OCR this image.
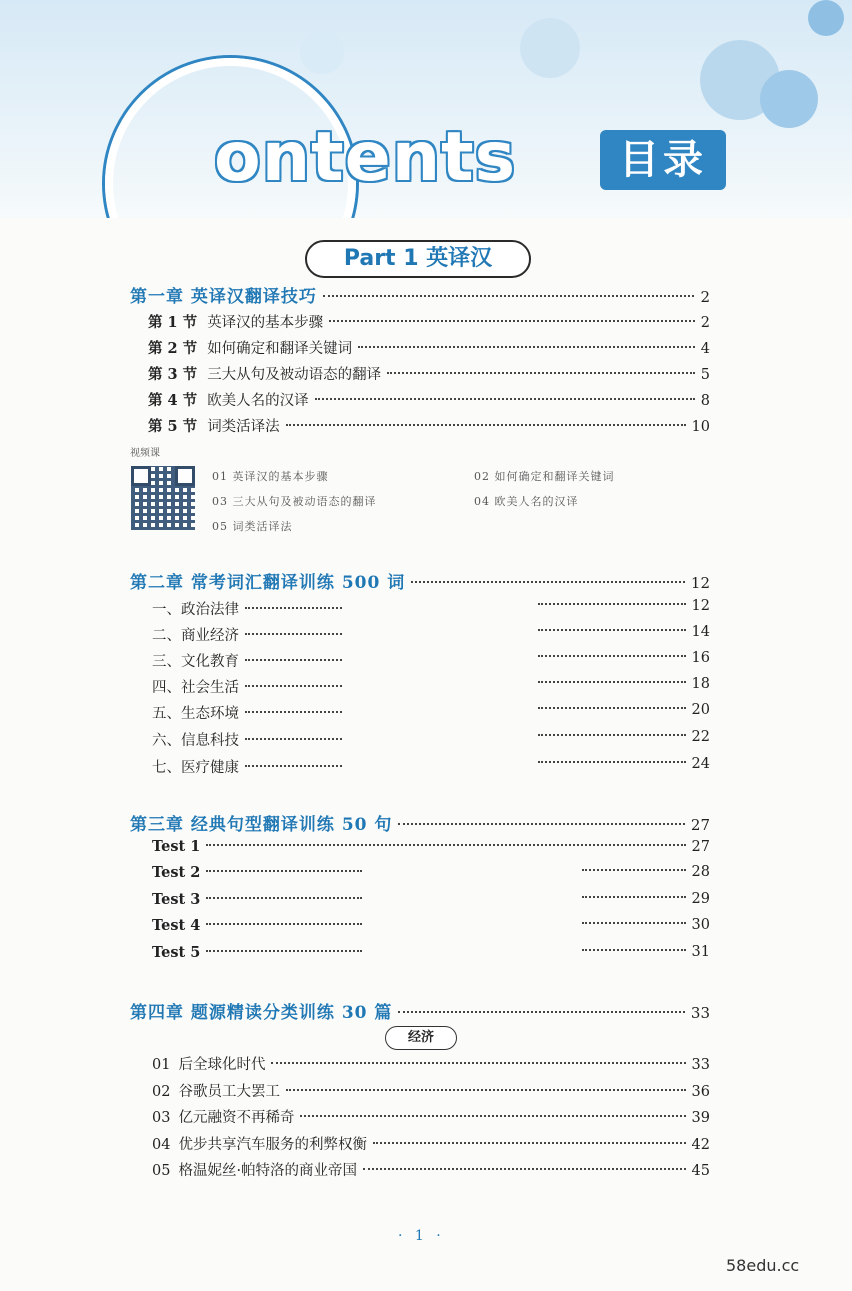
ontents	目录
Part 1 英译汉
第一章 英译汉翻译技巧	2
第 1 节 英译汉的基本步骤	2
第 2 节 如何确定和翻译关键词	4
第 3 节 三大从句及被动语态的翻译	5
第 4 节 欧美人名的汉译	8
第 5 节 词类活译法	10
视频课
01 英译汉的基本步骤	02 如何确定和翻译关键词
03 三大从句及被动语态的翻译	04 欧美人名的汉译
05 词类活译法
第二章 常考词汇翻译训练 500 词	12
一、政治法律	12
二、商业经济	14
三、文化教育	16
四、社会生活	18
五、生态环境	20
六、信息科技	22
七、医疗健康	24
第三章 经典句型翻译训练 50 句	27
Test 1	27
Test 2	28
Test 3	29
Test 4	30
Test 5	31
第四章 题源精读分类训练 30 篇	33
经济
01 后全球化时代	33
02 谷歌员工大罢工	36
03 亿元融资不再稀奇	39
04 优步共享汽车服务的利弊权衡	42
05 格温妮丝·帕特洛的商业帝国	45
· 1 ·
58edu.cc
